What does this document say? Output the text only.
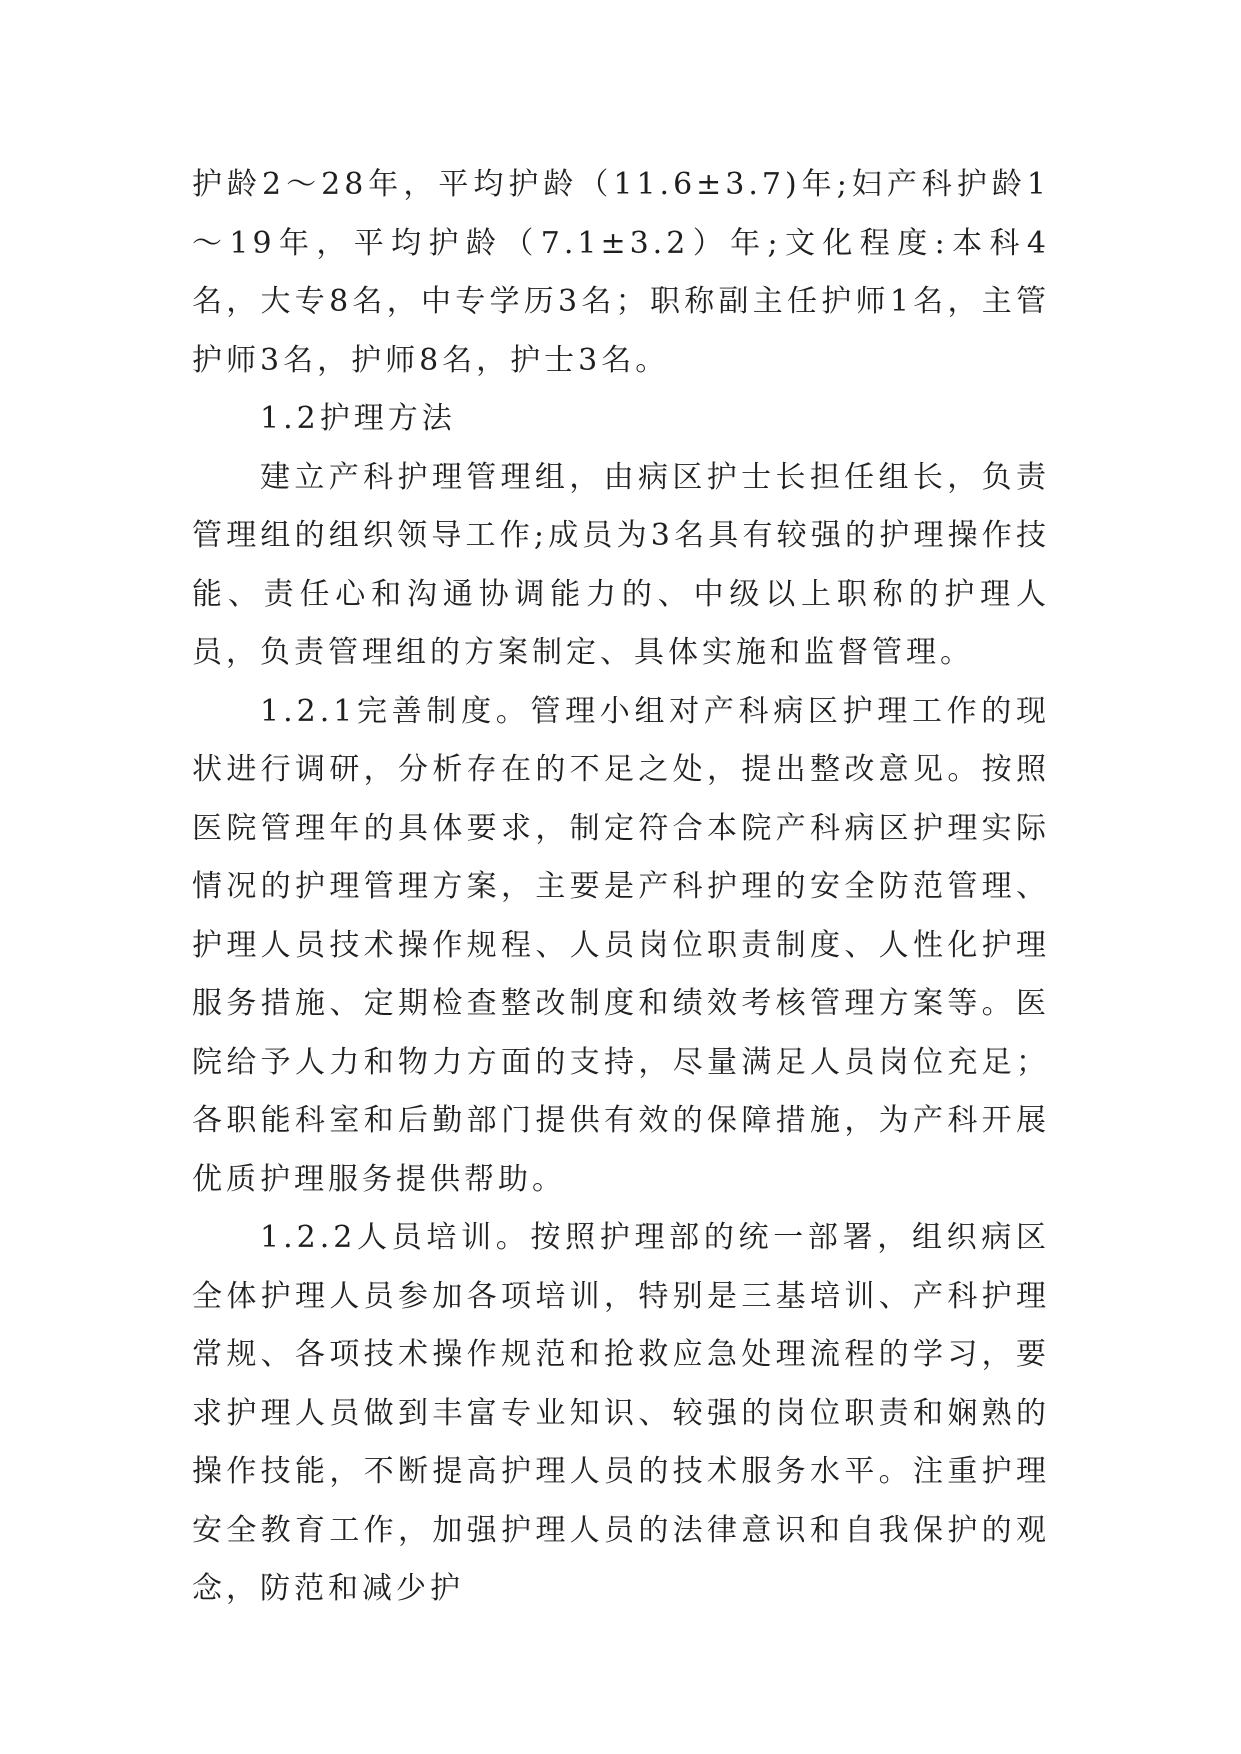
护龄2～28年，平均护龄（11.6±3.7)年;妇产科护龄1～19年，平均护龄（7.1±3.2）年;文化程度:本科4名，大专8名，中专学历3名；职称副主任护师1名，主管护师3名，护师8名，护士3名。

1.2护理方法

建立产科护理管理组，由病区护士长担任组长，负责管理组的组织领导工作;成员为3名具有较强的护理操作技能、责任心和沟通协调能力的、中级以上职称的护理人员，负责管理组的方案制定、具体实施和监督管理。

1.2.1完善制度。管理小组对产科病区护理工作的现状进行调研，分析存在的不足之处，提出整改意见。按照医院管理年的具体要求，制定符合本院产科病区护理实际情况的护理管理方案，主要是产科护理的安全防范管理、护理人员技术操作规程、人员岗位职责制度、人性化护理服务措施、定期检查整改制度和绩效考核管理方案等。医院给予人力和物力方面的支持，尽量满足人员岗位充足；各职能科室和后勤部门提供有效的保障措施，为产科开展优质护理服务提供帮助。

1.2.2人员培训。按照护理部的统一部署，组织病区全体护理人员参加各项培训，特别是三基培训、产科护理常规、各项技术操作规范和抢救应急处理流程的学习，要求护理人员做到丰富专业知识、较强的岗位职责和娴熟的操作技能，不断提高护理人员的技术服务水平。注重护理安全教育工作，加强护理人员的法律意识和自我保护的观念，防范和减少护
